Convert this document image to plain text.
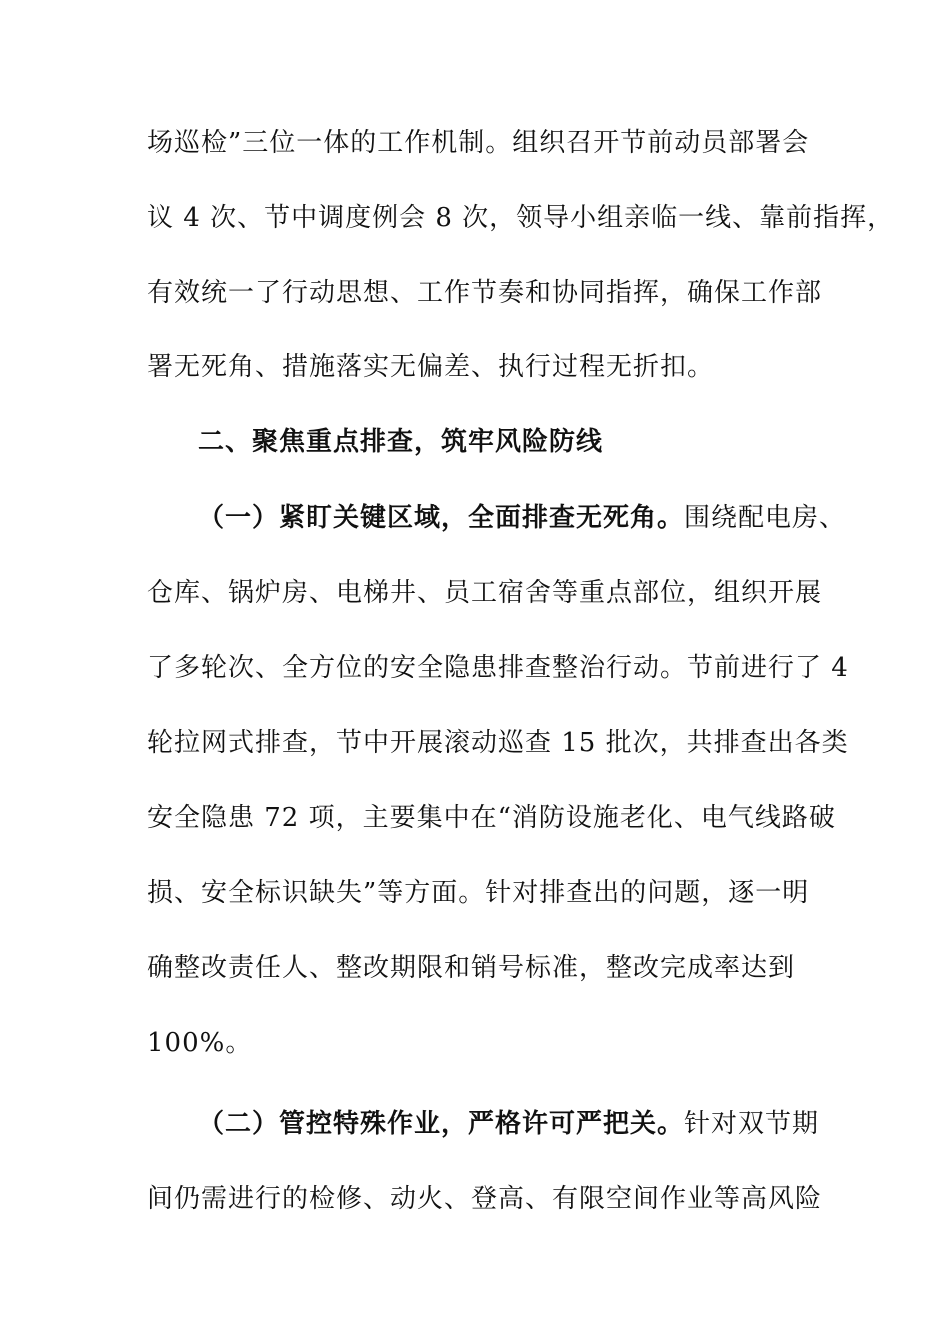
场巡检”三位一体的工作机制。组织召开节前动员部署会
议 4 次、节中调度例会 8 次，领导小组亲临一线、靠前指挥，
有效统一了行动思想、工作节奏和协同指挥，确保工作部
署无死角、措施落实无偏差、执行过程无折扣。
二、聚焦重点排查，筑牢风险防线
（一）紧盯关键区域，全面排查无死角。围绕配电房、
仓库、锅炉房、电梯井、员工宿舍等重点部位，组织开展
了多轮次、全方位的安全隐患排查整治行动。节前进行了 4
轮拉网式排查，节中开展滚动巡查 15 批次，共排查出各类
安全隐患 72 项，主要集中在“消防设施老化、电气线路破
损、安全标识缺失”等方面。针对排查出的问题，逐一明
确整改责任人、整改期限和销号标准，整改完成率达到
100%。
（二）管控特殊作业，严格许可严把关。针对双节期
间仍需进行的检修、动火、登高、有限空间作业等高风险
